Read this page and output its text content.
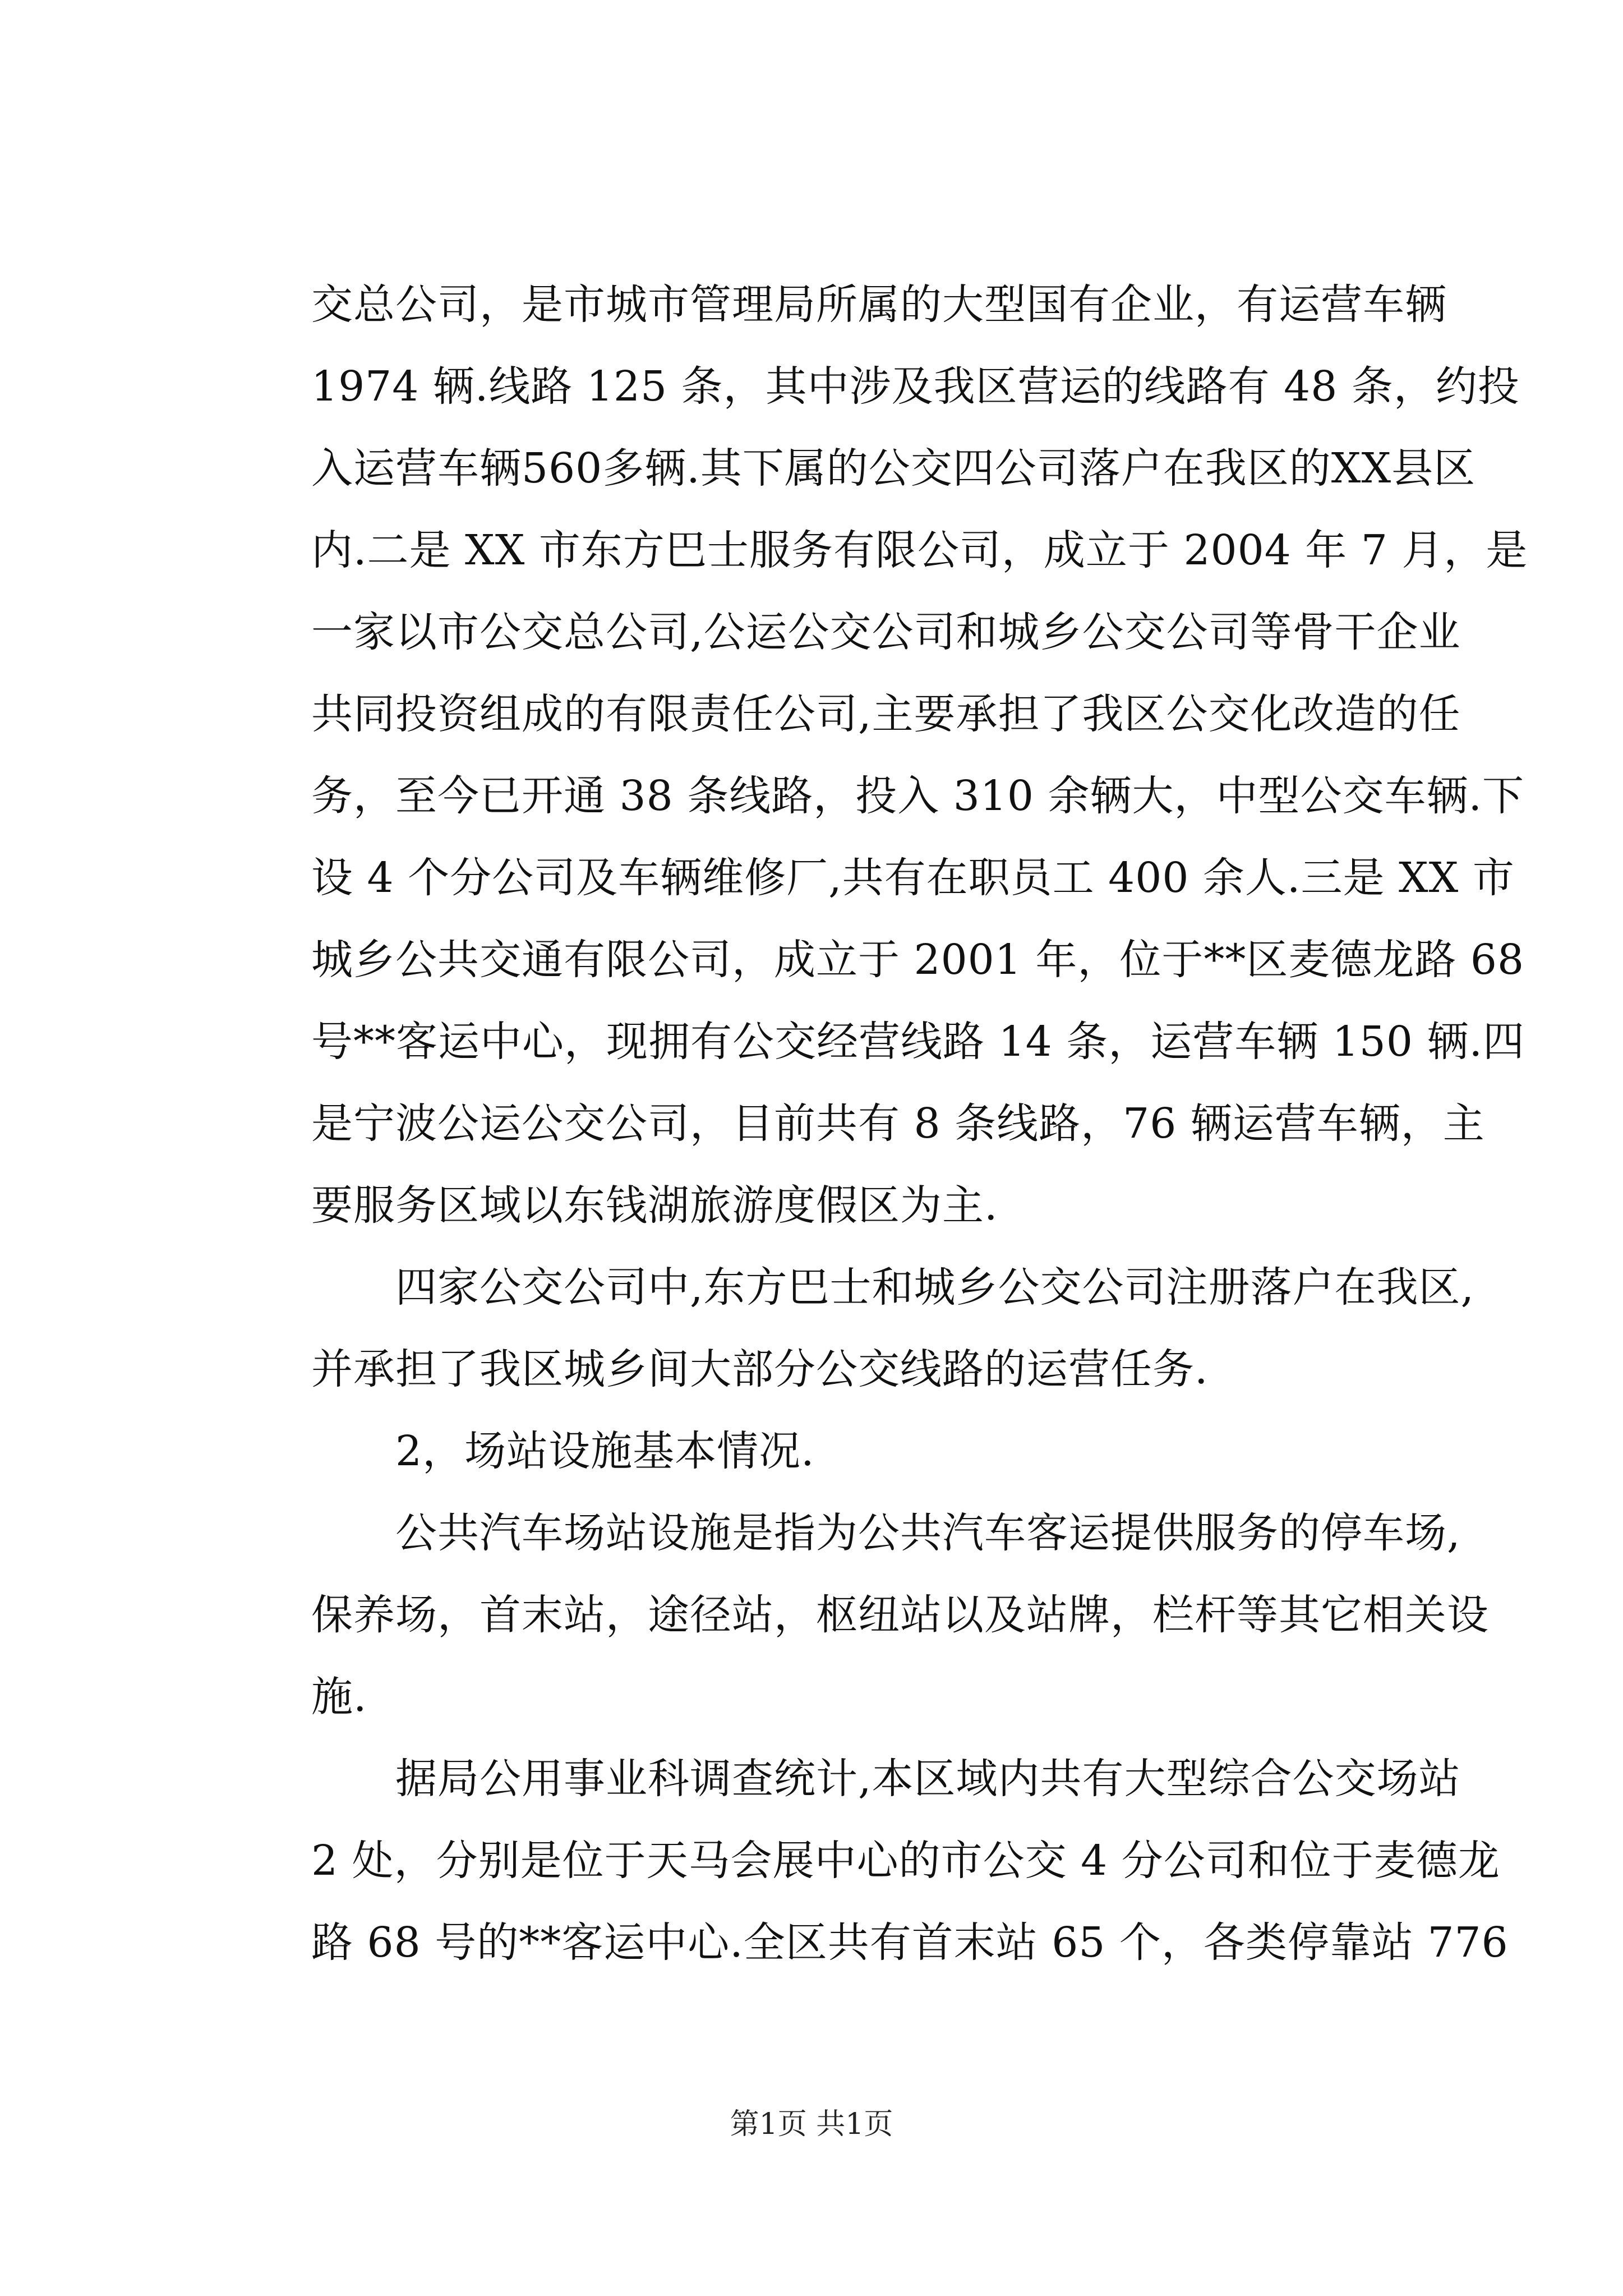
交总公司，是市城市管理局所属的大型国有企业，有运营车辆
1974 辆.线路 125 条，其中涉及我区营运的线路有 48 条，约投
入运营车辆560多辆.其下属的公交四公司落户在我区的XX县区
内.二是 XX 市东方巴士服务有限公司，成立于 2004 年 7 月，是
一家以市公交总公司,公运公交公司和城乡公交公司等骨干企业
共同投资组成的有限责任公司,主要承担了我区公交化改造的任
务，至今已开通 38 条线路，投入 310 余辆大，中型公交车辆.下
设 4 个分公司及车辆维修厂,共有在职员工 400 余人.三是 XX 市
城乡公共交通有限公司，成立于 2001 年，位于**区麦德龙路 68
号**客运中心，现拥有公交经营线路 14 条，运营车辆 150 辆.四
是宁波公运公交公司，目前共有 8 条线路，76 辆运营车辆，主
要服务区域以东钱湖旅游度假区为主.
四家公交公司中,东方巴士和城乡公交公司注册落户在我区,
并承担了我区城乡间大部分公交线路的运营任务.
2，场站设施基本情况.
公共汽车场站设施是指为公共汽车客运提供服务的停车场,
保养场，首末站，途径站，枢纽站以及站牌，栏杆等其它相关设
施.
据局公用事业科调查统计,本区域内共有大型综合公交场站
2 处，分别是位于天马会展中心的市公交 4 分公司和位于麦德龙
路 68 号的**客运中心.全区共有首末站 65 个，各类停靠站 776
第1页 共1页
